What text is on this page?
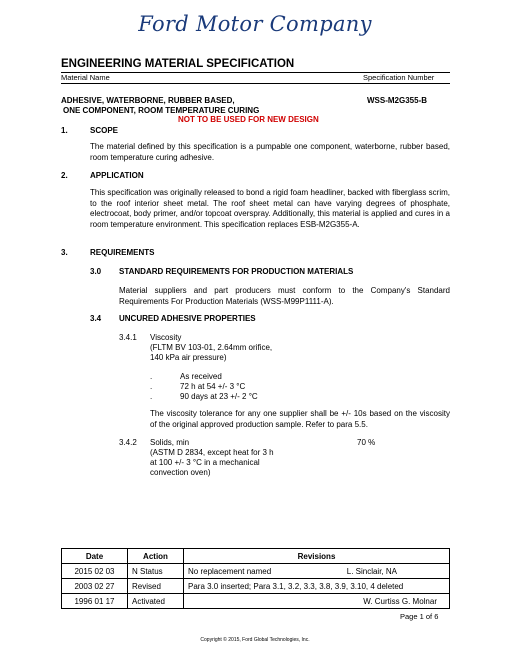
Ford Motor Company
ENGINEERING MATERIAL SPECIFICATION
Material Name	Specification Number
ADHESIVE, WATERBORNE, RUBBER BASED,
ONE COMPONENT, ROOM TEMPERATURE CURING
WSS-M2G355-B
NOT TO BE USED FOR NEW DESIGN
1.	SCOPE
The material defined by this specification is a pumpable one component, waterborne, rubber based, room temperature curing adhesive.
2.	APPLICATION
This specification was originally released to bond a rigid foam headliner, backed with fiberglass scrim, to the roof interior sheet metal. The roof sheet metal can have varying degrees of phosphate, electrocoat, body primer, and/or topcoat overspray. Additionally, this material is applied and cures in a room temperature environment. This specification replaces ESB-M2G355-A.
3.	REQUIREMENTS
3.0 STANDARD REQUIREMENTS FOR PRODUCTION MATERIALS
Material suppliers and part producers must conform to the Company's Standard Requirements For Production Materials (WSS-M99P1111-A).
3.4 UNCURED ADHESIVE PROPERTIES
3.4.1 Viscosity
(FLTM BV 103-01, 2.64mm orifice,
140 kPa air pressure)
.	As received
.	72 h at 54 +/- 3 °C
.	90 days at 23 +/- 2 °C
The viscosity tolerance for any one supplier shall be +/- 10s based on the viscosity of the original approved production sample. Refer to para 5.5.
3.4.2 Solids, min	70 %
(ASTM D 2834, except heat for 3 h
at 100 +/- 3 °C in a mechanical
convection oven)
Date	Action	Revisions
2015 02 03	N Status	No replacement named L. Sinclair, NA

2003 02 27	Revised	Para 3.0 inserted; Para 3.1, 3.2, 3.3, 3.8, 3.9, 3.10, 4 deleted

1996 01 17	Activated	W. Curtiss G. Molnar
Page 1 of 6
Copyright © 2015, Ford Global Technologies, Inc.
